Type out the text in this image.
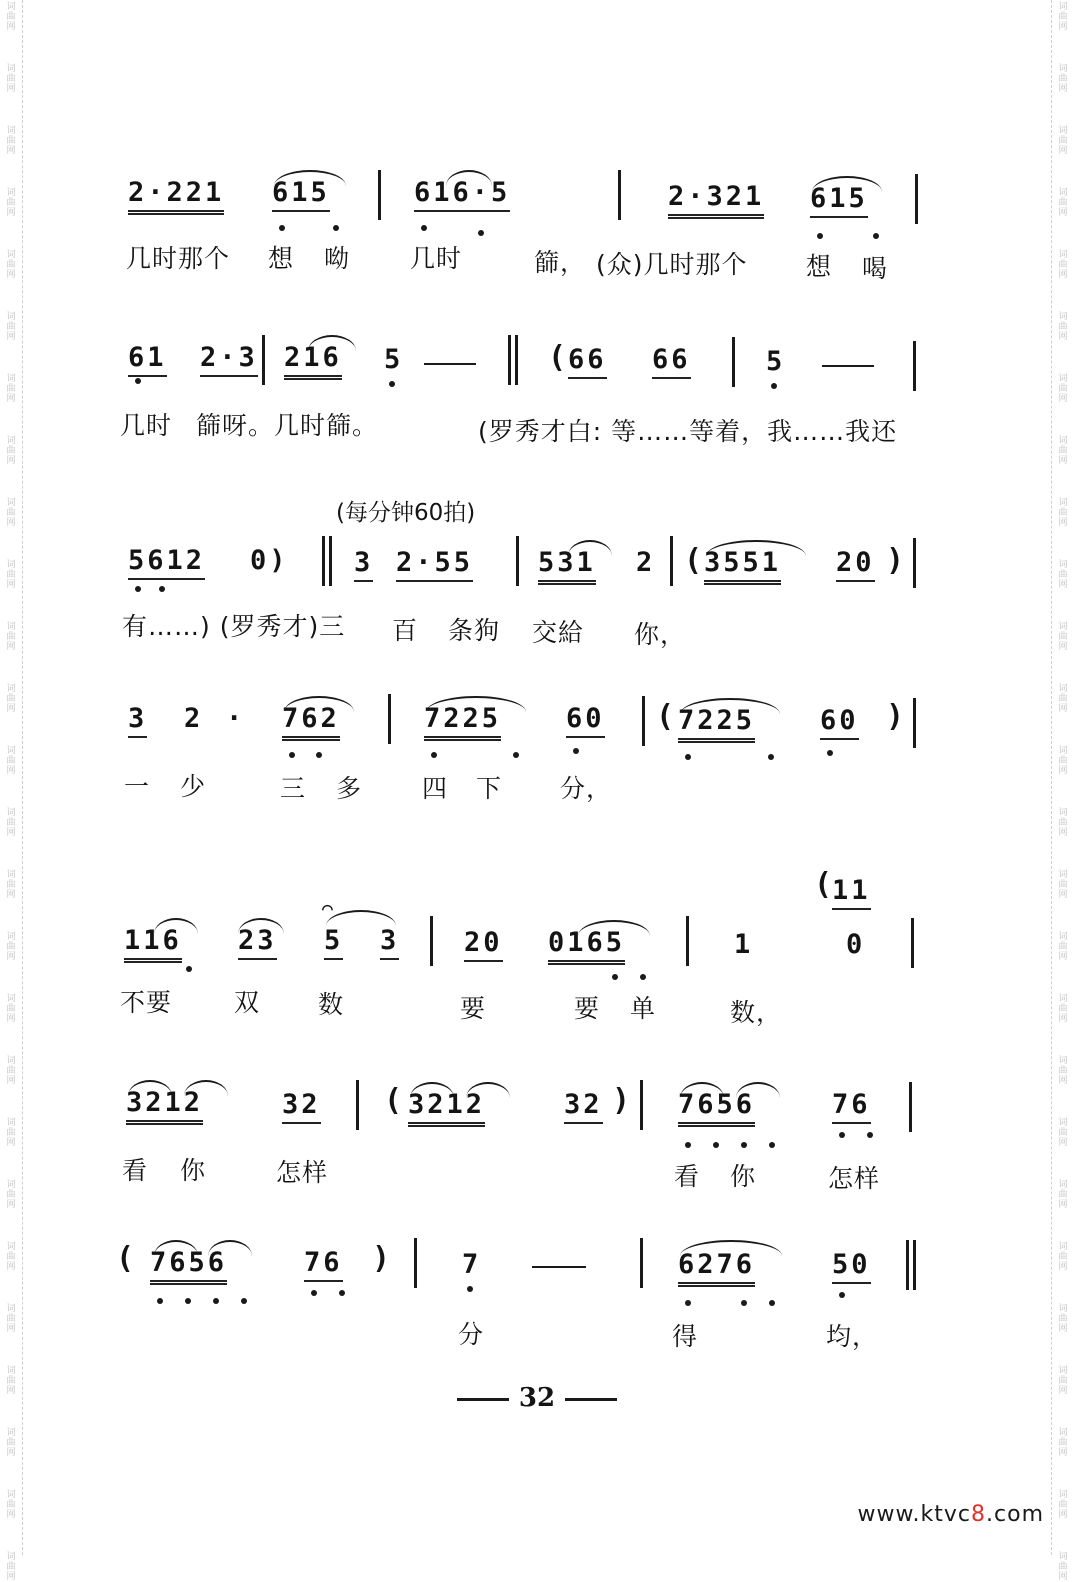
词曲网
词曲网
词曲网
词曲网
词曲网
词曲网
词曲网
词曲网
词曲网
词曲网
词曲网
词曲网
词曲网
词曲网
词曲网
词曲网
词曲网
词曲网
词曲网
词曲网
词曲网
词曲网
词曲网
词曲网
词曲网
词曲网
词曲网
词曲网
词曲网
词曲网
词曲网
词曲网
词曲网
词曲网
词曲网
词曲网
词曲网
词曲网
词曲网
词曲网
词曲网
词曲网
词曲网
词曲网
词曲网
词曲网
词曲网
词曲网
词曲网
词曲网
词曲网
词曲网
2·221 615	616·5	2·321 615
几时那个 想 呦 几时	篩， (众)几时那个 想 喝
61 2·3 216 5	(
66 66	5
几时 篩呀。几时篩。	(罗秀才白: 等……等着，我……我还
(每分钟60拍)
5612 0) 3 2·55 531 2 (
3551 20 )
有……) (罗秀才)三 百 条狗 交給 你，
3 2 · 762	7225 60 ( 7225 60 )
一 少	三 多 四 下 分，
(
11
116 23
⌒
5 3 20 0165	1	0
不要 双 数	要	要 单	数，
3212	32 ( 3212	32 ) 7656	76
看 你	怎样	看 你	怎样
( 7656	76 )	7	6276	50
分	得	均，
32
www.ktvc8.com
